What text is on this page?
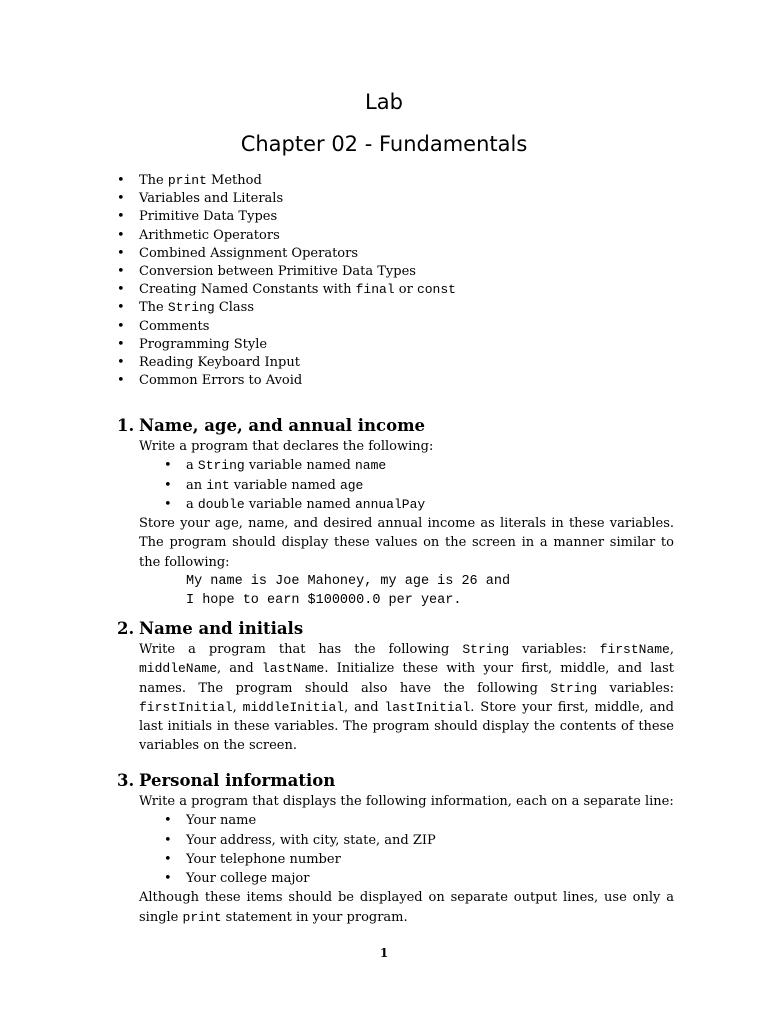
Lab
Chapter 02 - Fundamentals
• The print Method
• Variables and Literals
• Primitive Data Types
• Arithmetic Operators
• Combined Assignment Operators
• Conversion between Primitive Data Types
• Creating Named Constants with final or const
• The String Class
• Comments
• Programming Style
• Reading Keyboard Input
• Common Errors to Avoid
1. Name, age, and annual income

Write a program that declares the following:

• a String variable named name
• an int variable named age
• a double variable named annualPay

Store your age, name, and desired annual income as literals in these variables. The program should display these values on the screen in a manner similar to the following:

My name is Joe Mahoney, my age is 26 and
I hope to earn $100000.0 per year.
2. Name and initials

Write a program that has the following String variables: firstName, middleName, and lastName. Initialize these with your first, middle, and last names. The program should also have the following String variables: firstInitial, middleInitial, and lastInitial. Store your first, middle, and last initials in these variables. The program should display the contents of these variables on the screen.

3. Personal information

Write a program that displays the following information, each on a separate line:

• Your name
• Your address, with city, state, and ZIP
• Your telephone number
• Your college major

Although these items should be displayed on separate output lines, use only a single print statement in your program.

1
